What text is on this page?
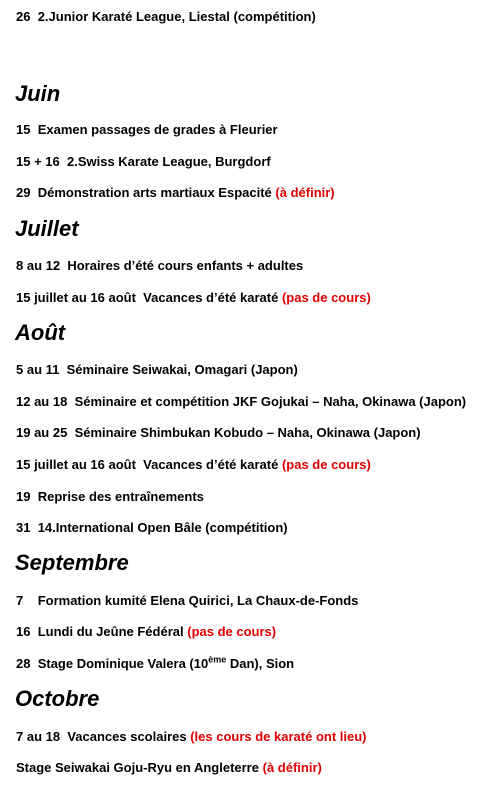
26 2.Junior Karaté League, Liestal (compétition)
Juin
15 Examen passages de grades à Fleurier
15 + 16 2.Swiss Karate League, Burgdorf
29 Démonstration arts martiaux Espacité (à définir)
Juillet
8 au 12 Horaires d’été cours enfants + adultes
15 juillet au 16 août Vacances d’été karaté (pas de cours)
Août
5 au 11 Séminaire Seiwakai, Omagari (Japon)
12 au 18 Séminaire et compétition JKF Gojukai – Naha, Okinawa (Japon)
19 au 25 Séminaire Shimbukan Kobudo – Naha, Okinawa (Japon)
15 juillet au 16 août Vacances d’été karaté (pas de cours)
19 Reprise des entraînements
31 14.International Open Bâle (compétition)
Septembre
7 Formation kumité Elena Quirici, La Chaux-de-Fonds
16 Lundi du Jeûne Fédéral (pas de cours)
28 Stage Dominique Valera (10ème Dan), Sion
Octobre
7 au 18 Vacances scolaires (les cours de karaté ont lieu)
Stage Seiwakai Goju-Ryu en Angleterre (à définir)
